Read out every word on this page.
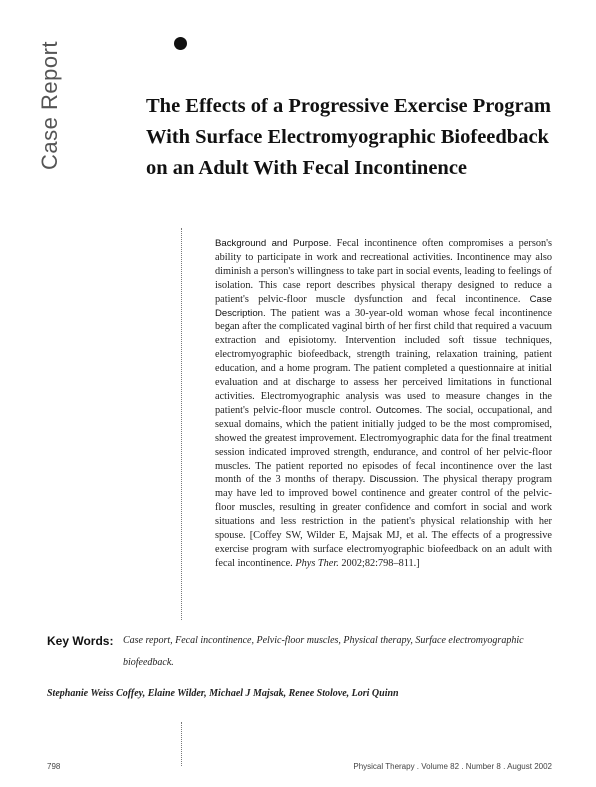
Case Report	The Effects of a Progressive Exercise Program With Surface Electromyographic Biofeedback on an Adult With Fecal Incontinence
Background and Purpose. Fecal incontinence often compromises a person's ability to participate in work and recreational activities. Incontinence may also diminish a person's willingness to take part in social events, leading to feelings of isolation. This case report describes physical therapy designed to reduce a patient's pelvic-floor muscle dysfunction and fecal incontinence. Case Description. The patient was a 30-year-old woman whose fecal incontinence began after the complicated vaginal birth of her first child that required a vacuum extraction and episiotomy. Intervention included soft tissue techniques, electromyographic biofeedback, strength training, relaxation training, patient education, and a home program. The patient completed a questionnaire at initial evaluation and at discharge to assess her perceived limitations in functional activities. Electromyographic analysis was used to measure changes in the patient's pelvic-floor muscle control. Outcomes. The social, occupational, and sexual domains, which the patient initially judged to be the most compromised, showed the greatest improvement. Electromyographic data for the final treatment session indicated improved strength, endurance, and control of her pelvic-floor muscles. The patient reported no episodes of fecal incontinence over the last month of the 3 months of therapy. Discussion. The physical therapy program may have led to improved bowel continence and greater control of the pelvic-floor muscles, resulting in greater confidence and comfort in social and work situations and less restriction in the patient's physical relationship with her spouse. [Coffey SW, Wilder E, Majsak MJ, et al. The effects of a progressive exercise program with surface electromyographic biofeedback on an adult with fecal incontinence. Phys Ther. 2002;82:798–811.]
Key Words: Case report, Fecal incontinence, Pelvic-floor muscles, Physical therapy, Surface electromyographic biofeedback.
Stephanie Weiss Coffey, Elaine Wilder, Michael J Majsak, Renee Stolove, Lori Quinn
798	Physical Therapy . Volume 82 . Number 8 . August 2002
